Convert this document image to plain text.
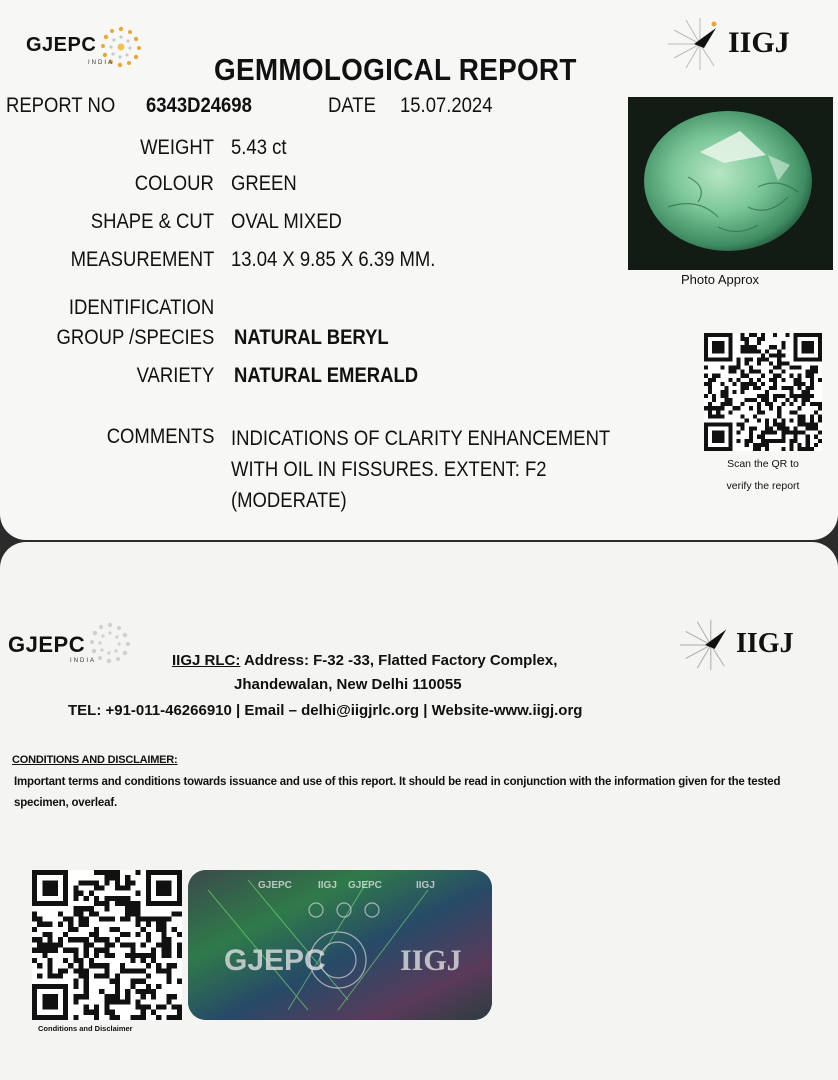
GJEPC
INDIA
IIGJ
GEMMOLOGICAL REPORT
REPORT NO 6343D24698	DATE 15.07.2024
WEIGHT 5.43 ct
COLOUR GREEN
SHAPE & CUT OVAL MIXED
MEASUREMENT 13.04 X 9.85 X 6.39 MM.
IDENTIFICATION
GROUP /SPECIES NATURAL BERYL
VARIETY NATURAL EMERALD
COMMENTS INDICATIONS OF CLARITY ENHANCEMENT
WITH OIL IN FISSURES. EXTENT: F2
(MODERATE)
Photo Approx
Scan the QR to
verify the report
GJEPC
INDIA
IIGJ
IIGJ RLC: Address: F-32 -33, Flatted Factory Complex,
Jhandewalan, New Delhi 110055
TEL: +91-011-46266910 | Email – delhi@iigjrlc.org | Website-www.iigj.org
CONDITIONS AND DISCLAIMER:
Important terms and conditions towards issuance and use of this report. It should be read in conjunction with the information given for the tested specimen, overleaf.
Conditions and Disclaimer
GJEPC	IIGJ GJEPC	IIGJ
GJEPC IIGJ
